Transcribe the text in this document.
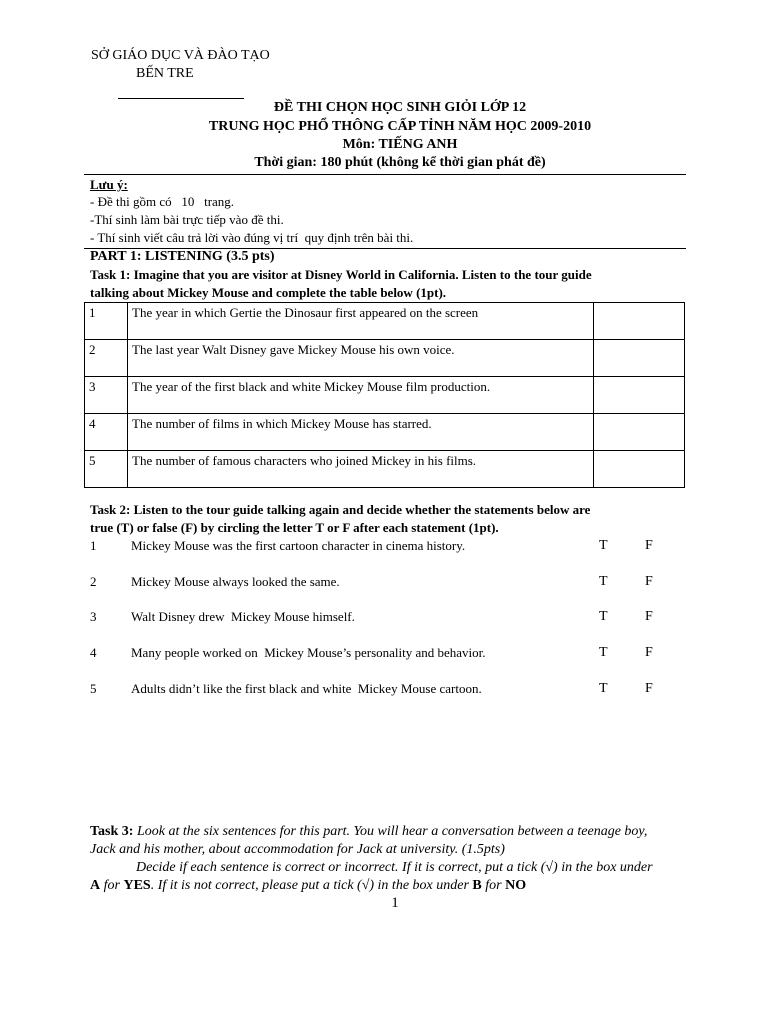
SỞ GIÁO DỤC VÀ ĐÀO TẠO
BẾN TRE
ĐỀ THI CHỌN HỌC SINH GIỎI LỚP 12
TRUNG HỌC PHỔ THÔNG CẤP TỈNH NĂM HỌC 2009-2010
Môn: TIẾNG ANH
Thời gian: 180 phút (không kể thời gian phát đề)
Lưu ý:
- Đề thi gồm có   10   trang.
-Thí sinh làm bài trực tiếp vào đề thi.
- Thí sinh viết câu trả lời vào đúng vị trí  quy định trên bài thi.
PART 1: LISTENING (3.5 pts)
Task 1: Imagine that you are visitor at Disney World in California. Listen to the tour guide
talking about Mickey Mouse and complete the table below (1pt).
1	The year in which Gertie the Dinosaur first appeared on the screen	
2	The last year Walt Disney gave Mickey Mouse his own voice.	
3	The year of the first black and white Mickey Mouse film production.	
4	The number of films in which Mickey Mouse has starred.	
5	The number of famous characters who joined Mickey in his films.	
Task 2: Listen to the tour guide talking again and decide whether the statements below are
true (T) or false (F) by circling the letter T or F after each statement (1pt).
1	Mickey Mouse was the first cartoon character in cinema history.	T	F
2	Mickey Mouse always looked the same.	T	F
3	Walt Disney drew  Mickey Mouse himself.	T	F
4	Many people worked on  Mickey Mouse’s personality and behavior.	T	F
5	Adults didn’t like the first black and white  Mickey Mouse cartoon.	T	F
Task 3: Look at the six sentences for this part. You will hear a conversation between a teenage boy,
Jack and his mother, about accommodation for Jack at university. (1.5pts)
Decide if each sentence is correct or incorrect. If it is correct, put a tick (√) in the box under
A for YES. If it is not correct, please put a tick (√) in the box under B for NO
1
